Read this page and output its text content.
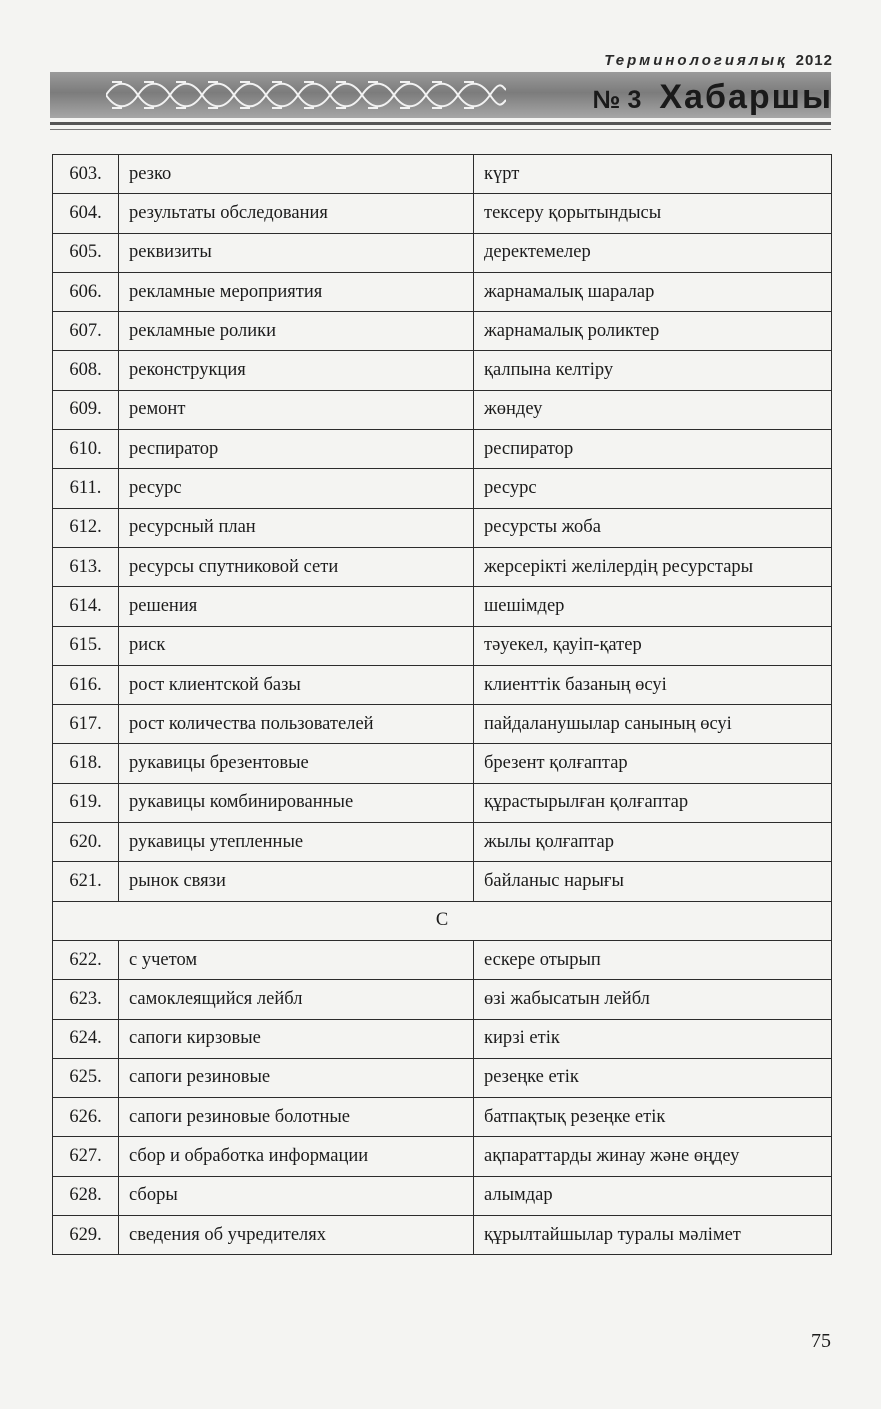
Терминологиялық 2012
№ 3 Хабаршы
603.	резко	күрт
604.	результаты обследования	тексеру қорытындысы
605.	реквизиты	деректемелер
606.	рекламные мероприятия	жарнамалық шаралар
607.	рекламные ролики	жарнамалық роликтер
608.	реконструкция	қалпына келтіру
609.	ремонт	жөндеу
610.	респиратор	респиратор
611.	ресурс	ресурс
612.	ресурсный план	ресурсты жоба
613.	ресурсы спутниковой сети	жерсерікті желілердің ресурстары
614.	решения	шешімдер
615.	риск	тәуекел, қауіп-қатер
616.	рост клиентской базы	клиенттік базаның өсуі
617.	рост количества пользователей	пайдаланушылар санының өсуі
618.	рукавицы брезентовые	брезент қолғаптар
619.	рукавицы комбинированные	құрастырылған қолғаптар
620.	рукавицы утепленные	жылы қолғаптар
621.	рынок связи	байланыс нарығы
С		
622.	с учетом	ескере отырып
623.	самоклеящийся лейбл	өзі жабысатын лейбл
624.	сапоги кирзовые	кирзі етік
625.	сапоги резиновые	резеңке етік
626.	сапоги резиновые болотные	батпақтық резеңке етік
627.	сбор и обработка информации	ақпараттарды жинау және өңдеу
628.	сборы	алымдар
629.	сведения об учредителях	құрылтайшылар туралы мәлімет
75
